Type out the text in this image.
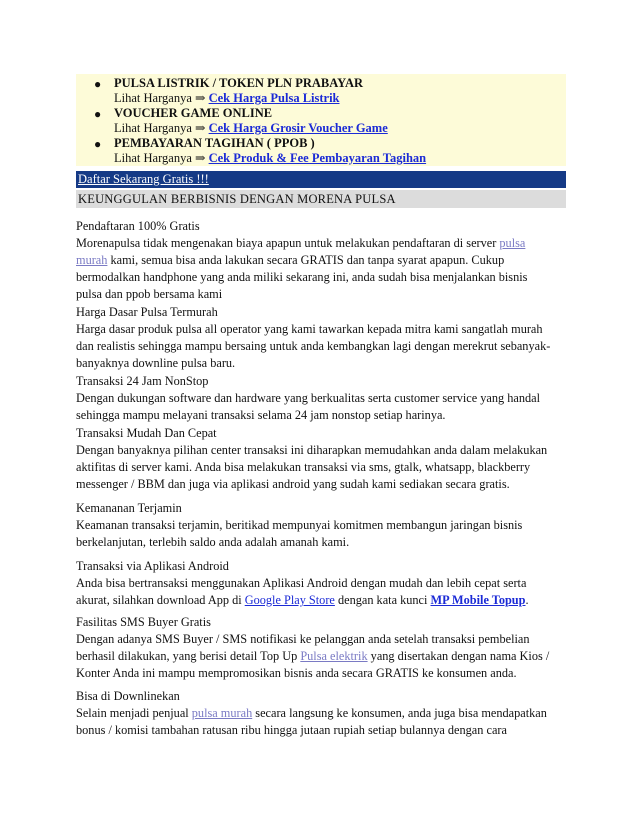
● PULSA LISTRIK / TOKEN PLN PRABAYAR
Lihat Harganya ⇒ Cek Harga Pulsa Listrik
● VOUCHER GAME ONLINE
Lihat Harganya ⇒ Cek Harga Grosir Voucher Game
● PEMBAYARAN TAGIHAN ( PPOB )
Lihat Harganya ⇒ Cek Produk & Fee Pembayaran Tagihan
Daftar Sekarang Gratis !!!
KEUNGGULAN BERBISNIS DENGAN MORENA PULSA

Pendaftaran 100% Gratis

Morenapulsa tidak mengenakan biaya apapun untuk melakukan pendaftaran di server pulsa

murah kami, semua bisa anda lakukan secara GRATIS dan tanpa syarat apapun. Cukup

bermodalkan handphone yang anda miliki sekarang ini, anda sudah bisa menjalankan bisnis

pulsa dan ppob bersama kami

Harga Dasar Pulsa Termurah

Harga dasar produk pulsa all operator yang kami tawarkan kepada mitra kami sangatlah murah

dan realistis sehingga mampu bersaing untuk anda kembangkan lagi dengan merekrut sebanyak-

banyaknya downline pulsa baru.

Transaksi 24 Jam NonStop

Dengan dukungan software dan hardware yang berkualitas serta customer service yang handal

sehingga mampu melayani transaksi selama 24 jam nonstop setiap harinya.

Transaksi Mudah Dan Cepat

Dengan banyaknya pilihan center transaksi ini diharapkan memudahkan anda dalam melakukan

aktifitas di server kami. Anda bisa melakukan transaksi via sms, gtalk, whatsapp, blackberry

messenger / BBM dan juga via aplikasi android yang sudah kami sediakan secara gratis.

Kemananan Terjamin

Keamanan transaksi terjamin, beritikad mempunyai komitmen membangun jaringan bisnis

berkelanjutan, terlebih saldo anda adalah amanah kami.

Transaksi via Aplikasi Android

Anda bisa bertransaksi menggunakan Aplikasi Android dengan mudah dan lebih cepat serta

akurat, silahkan download App di Google Play Store dengan kata kunci MP Mobile Topup.

Fasilitas SMS Buyer Gratis

Dengan adanya SMS Buyer / SMS notifikasi ke pelanggan anda setelah transaksi pembelian

berhasil dilakukan, yang berisi detail Top Up Pulsa elektrik yang disertakan dengan nama Kios /

Konter Anda ini mampu mempromosikan bisnis anda secara GRATIS ke konsumen anda.

Bisa di Downlinekan

Selain menjadi penjual pulsa murah secara langsung ke konsumen, anda juga bisa mendapatkan

bonus / komisi tambahan ratusan ribu hingga jutaan rupiah setiap bulannya dengan cara
